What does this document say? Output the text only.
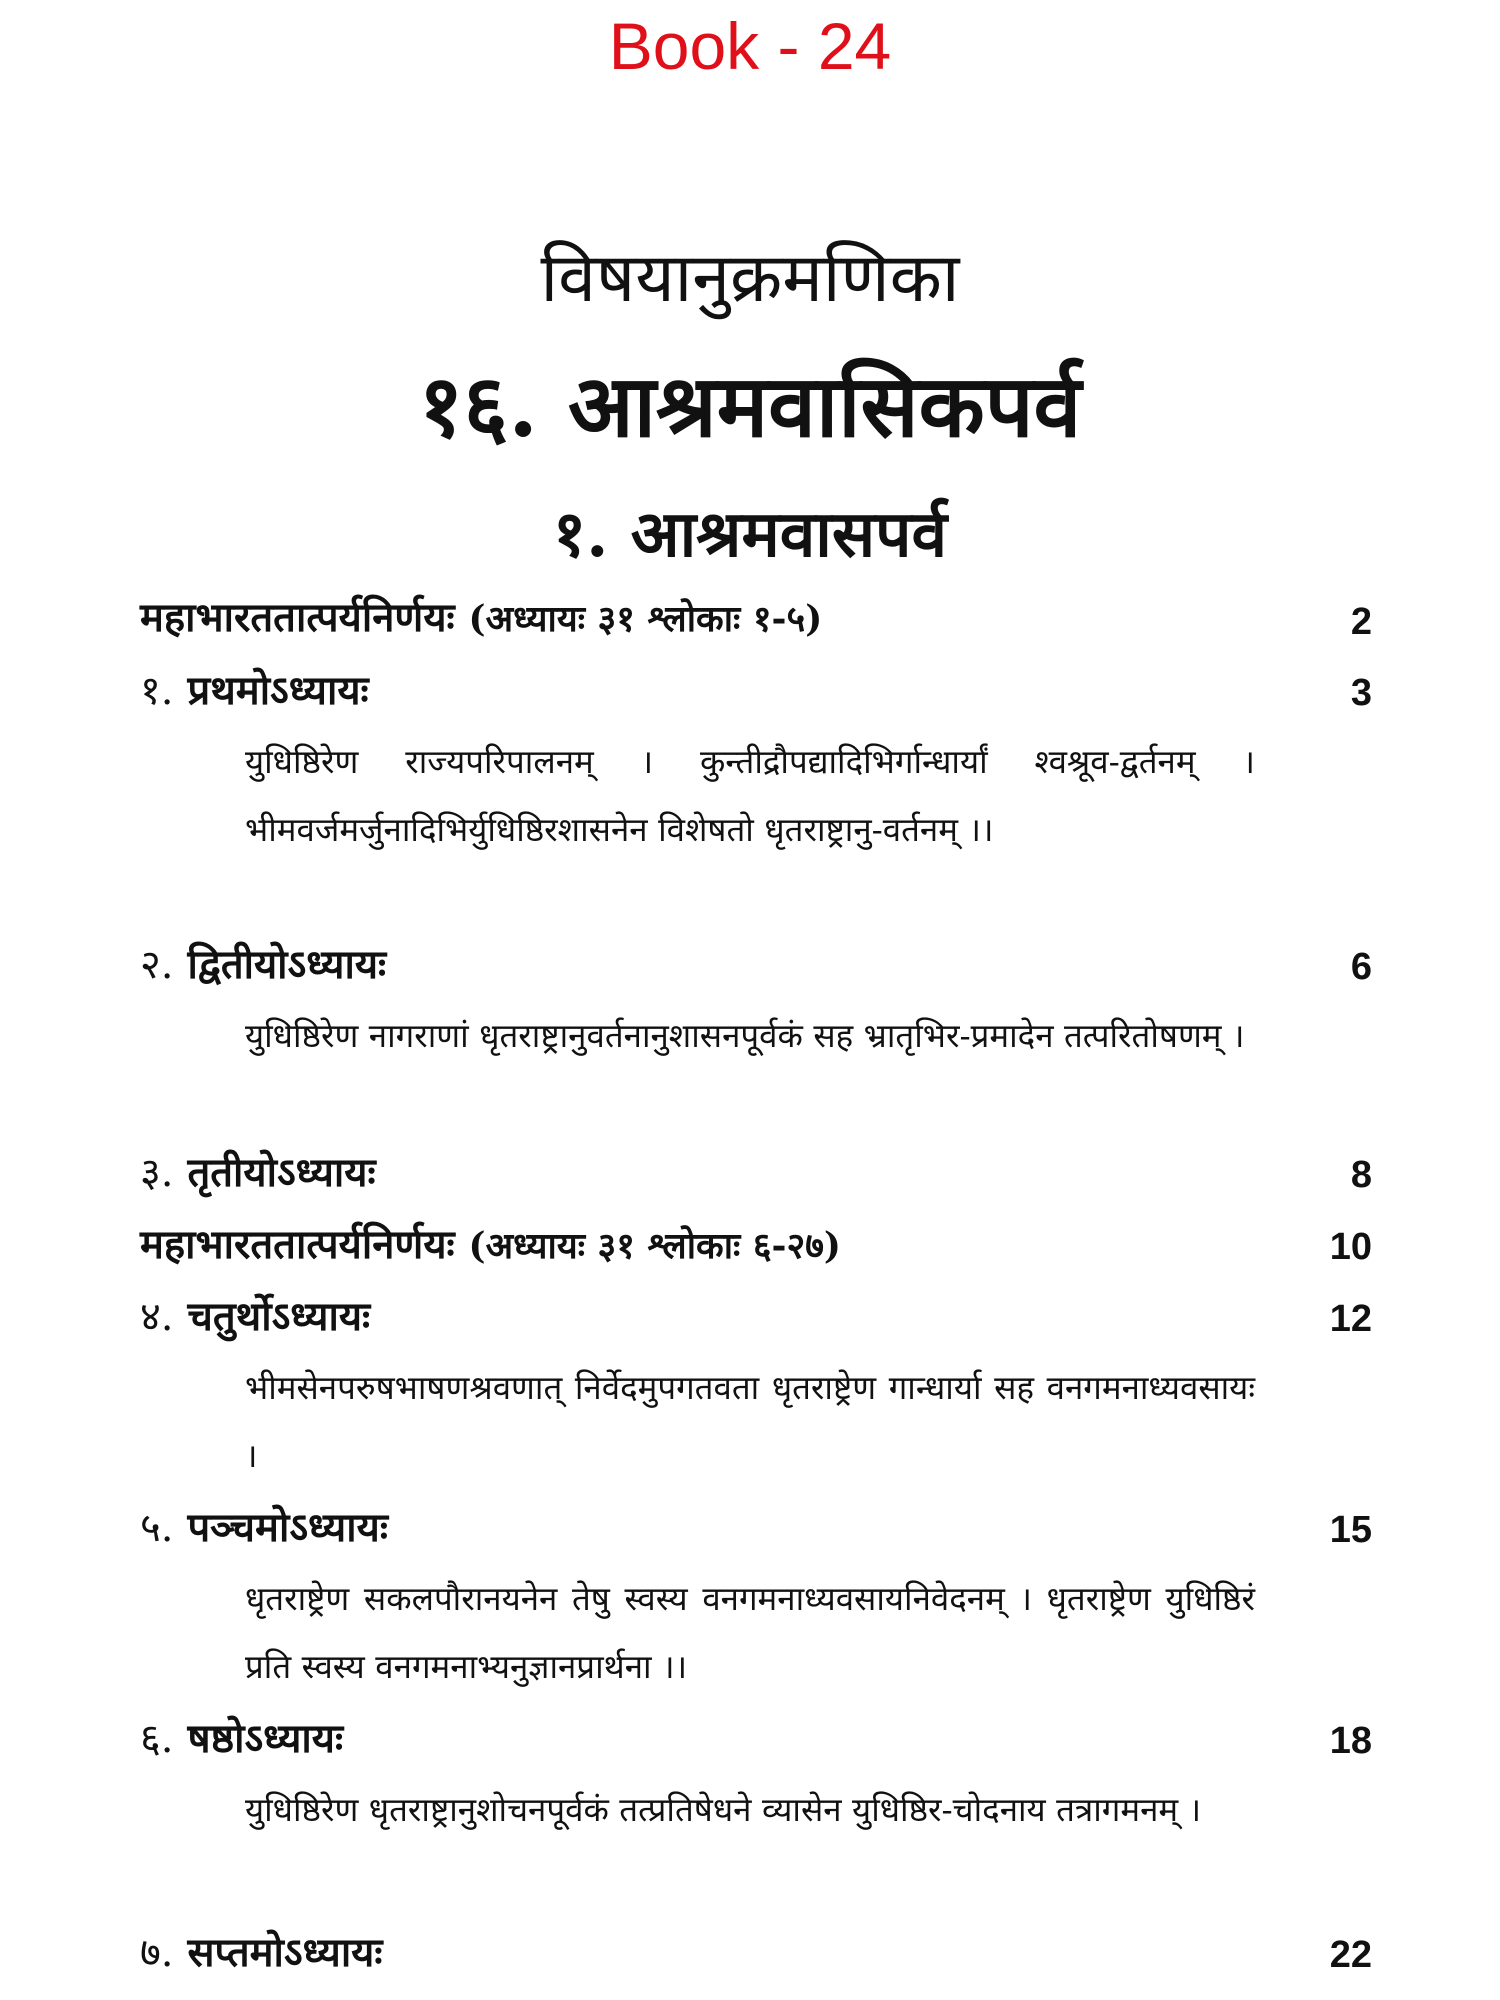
Book - 24
विषयानुक्रमणिका
१६. आश्रमवासिकपर्व
१. आश्रमवासपर्व
महाभारततात्पर्यनिर्णयः (अध्यायः ३१ श्लोकाः १-५)	2
१. प्रथमोऽध्यायः	3
युधिष्ठिरेण राज्यपरिपालनम् । कुन्तीद्रौपद्यादिभिर्गान्धार्यां श्वश्रूव-द्वर्तनम् । भीमवर्जमर्जुनादिभिर्युधिष्ठिरशासनेन विशेषतो धृतराष्ट्रानु-वर्तनम् ।।
२. द्वितीयोऽध्यायः	6
युधिष्ठिरेण नागराणां धृतराष्ट्रानुवर्तनानुशासनपूर्वकं सह भ्रातृभिर-प्रमादेन तत्परितोषणम् ।
३. तृतीयोऽध्यायः	8
महाभारततात्पर्यनिर्णयः (अध्यायः ३१ श्लोकाः ६-२७)	10
४. चतुर्थोऽध्यायः	12
भीमसेनपरुषभाषणश्रवणात् निर्वेदमुपगतवता धृतराष्ट्रेण गान्धार्या सह वनगमनाध्यवसायः ।
५. पञ्चमोऽध्यायः	15
धृतराष्ट्रेण सकलपौरानयनेन तेषु स्वस्य वनगमनाध्यवसायनिवेदनम् । धृतराष्ट्रेण युधिष्ठिरं प्रति स्वस्य वनगमनाभ्यनुज्ञानप्रार्थना ।।
६. षष्ठोऽध्यायः	18
युधिष्ठिरेण धृतराष्ट्रानुशोचनपूर्वकं तत्प्रतिषेधने व्यासेन युधिष्ठिर-चोदनाय तत्रागमनम् ।
७. सप्तमोऽध्यायः	22
